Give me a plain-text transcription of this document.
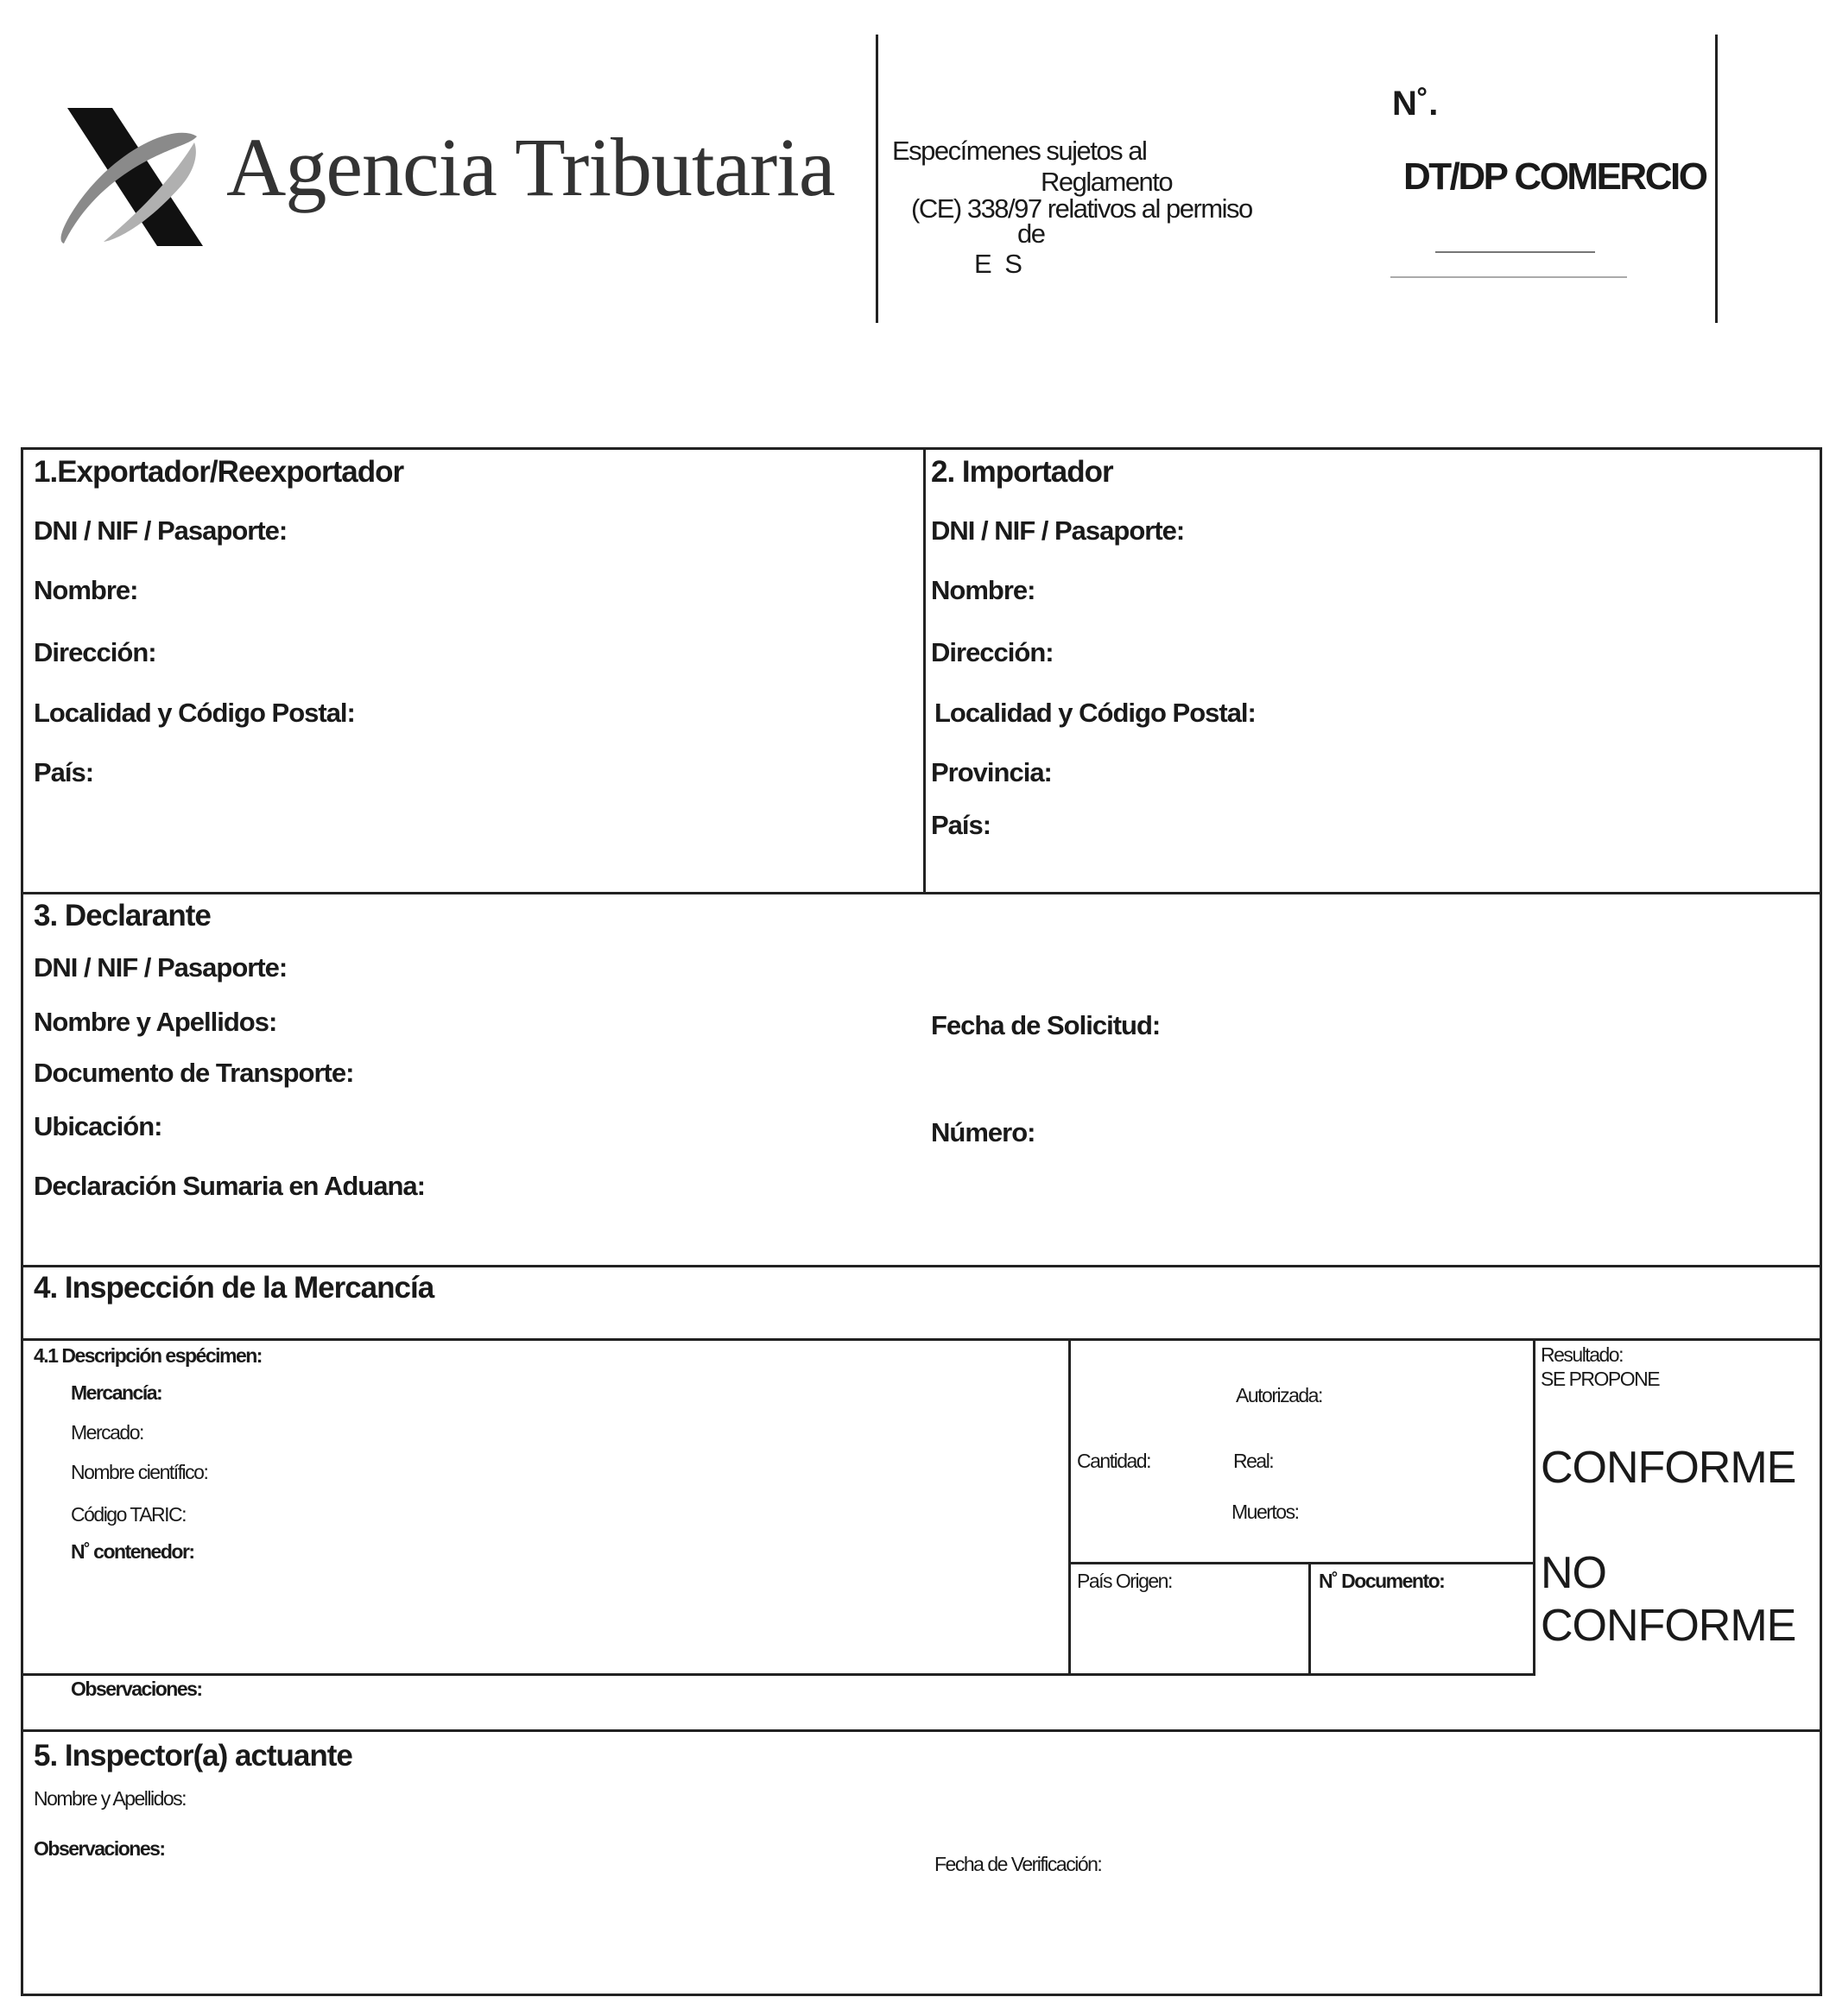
Agencia Tributaria Especímenes sujetos al
Reglamento
(CE) 338/97 relativos al permiso
de
E S
N˚.
DT/DP COMERCIO
1.Exportador/Reexportador
DNI / NIF / Pasaporte:
Nombre:
Dirección:
Localidad y Código Postal:
País:
2. Importador
DNI / NIF / Pasaporte:
Nombre:
Dirección:
Localidad y Código Postal:
Provincia:
País:
3. Declarante
DNI / NIF / Pasaporte:
Nombre y Apellidos:	Fecha de Solicitud:
Documento de Transporte:
Ubicación:	Número:
Declaración Sumaria en Aduana:
4. Inspección de la Mercancía
4.1 Descripción espécimen:
Mercancía:
Mercado:
Nombre científico:
Código TARIC:
N˚ contenedor:
Observaciones:
Autorizada:
Cantidad:	Real:
Muertos:
País Origen:	N˚ Documento:
Resultado:
SE PROPONE
CONFORME
NO
CONFORME
5. Inspector(a) actuante
Nombre y Apellidos:
Observaciones:
Fecha de Verificación:
